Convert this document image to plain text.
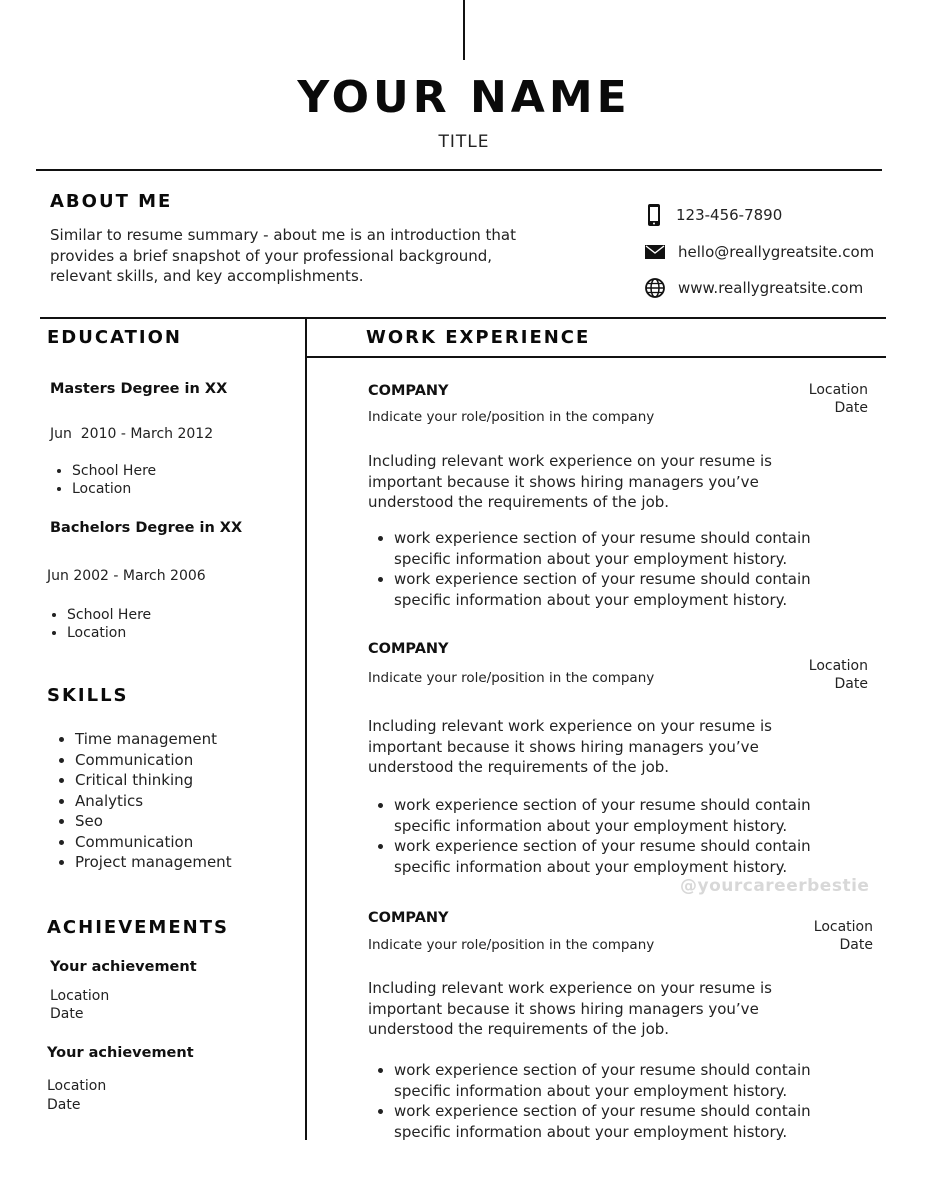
YOUR NAME
TITLE
ABOUT ME
Similar to resume summary - about me is an introduction that provides a brief snapshot of your professional background, relevant skills, and key accomplishments.
123-456-7890
hello@reallygreatsite.com
www.reallygreatsite.com
EDUCATION
Masters Degree in XX
Jun  2010 - March 2012
• School Here
• Location
Bachelors Degree in XX
Jun 2002 - March 2006
• School Here
• Location
SKILLS
• Time management
• Communication
• Critical thinking
• Analytics
• Seo
• Communication
• Project management
ACHIEVEMENTS
Your achievement
Location
Date
Your achievement
Location
Date
WORK EXPERIENCE
COMPANY
Indicate your role/position in the company
Location
Date
Including relevant work experience on your resume is important because it shows hiring managers you’ve understood the requirements of the job.
• work experience section of your resume should contain specific information about your employment history.
• work experience section of your resume should contain specific information about your employment history.
COMPANY
Indicate your role/position in the company
Location
Date
Including relevant work experience on your resume is important because it shows hiring managers you’ve understood the requirements of the job.
• work experience section of your resume should contain specific information about your employment history.
• work experience section of your resume should contain specific information about your employment history.
@yourcareerbestie
COMPANY
Indicate your role/position in the company
Location
Date
Including relevant work experience on your resume is important because it shows hiring managers you’ve understood the requirements of the job.
• work experience section of your resume should contain specific information about your employment history.
• work experience section of your resume should contain specific information about your employment history.
